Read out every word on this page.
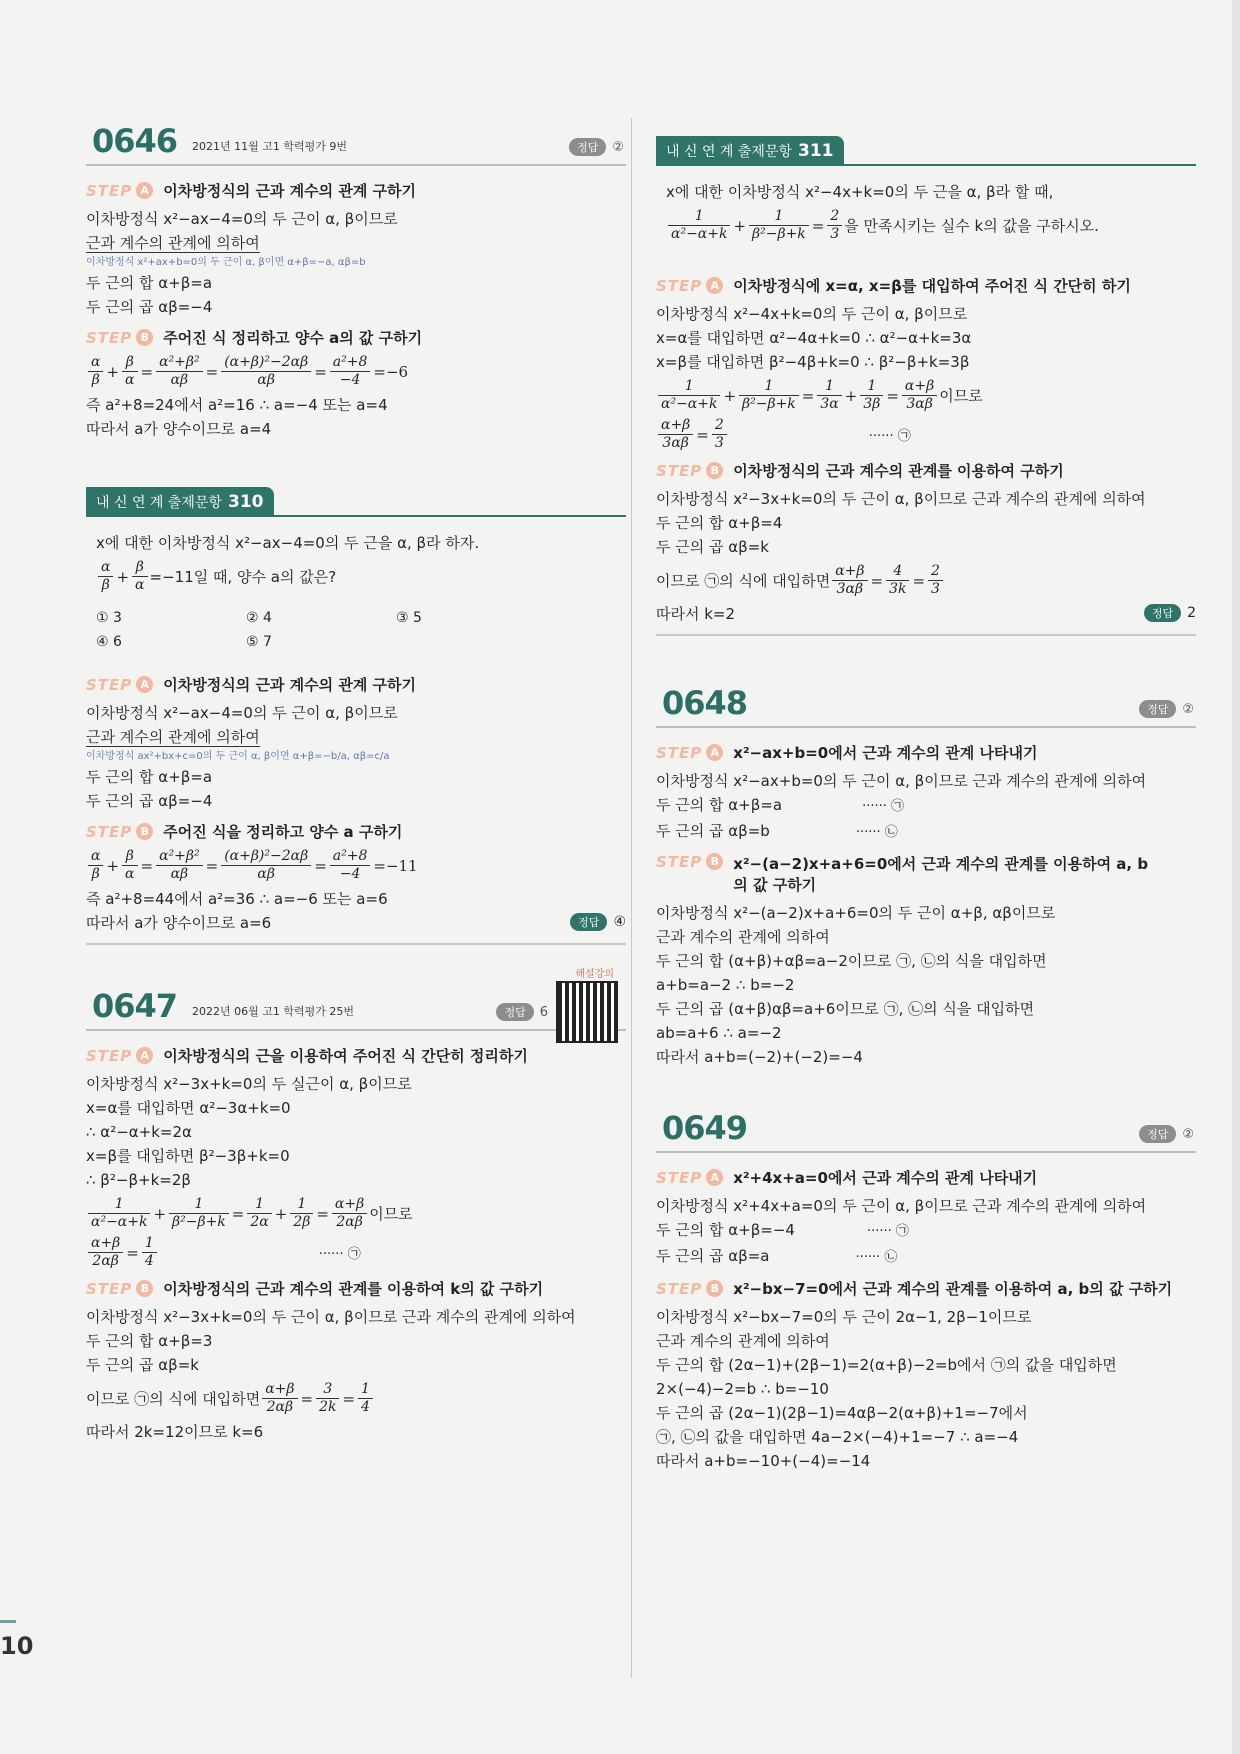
10
0646 2021년 11월 고1 학력평가 9번	정답 ②
STEP A 이차방정식의 근과 계수의 관계 구하기

이차방정식 x²−ax−4=0의 두 근이 α, β이므로

근과 계수의 관계에 의하여

이차방정식 x²+ax+b=0의 두 근이 α, β이면 α+β=−a, αβ=b

두 근의 합 α+β=a

두 근의 곱 αβ=−4

STEP B 주어진 식 정리하고 양수 a의 값 구하기
$\frac{\alpha}{\beta} + \frac{\beta}{\alpha} = \frac{\text{α²+β²}}{\alpha\beta} = \frac{\text{(α+β)²−2αβ}}{\alpha\beta} = \frac{\text{a²+8}}{-4} =-6$

즉 a²+8=24에서 a²=16 ∴ a=−4 또는 a=4

따라서 a가 양수이므로 a=4

내 신 연 계 출제문항 310

x에 대한 이차방정식 x²−ax−4=0의 두 근을 α, β라 하자.

$\frac{\alpha}{\beta} + \frac{\beta}{\alpha} =-11$일 때, 양수 a의 값은?
① 3	② 4	③ 5
④ 6	⑤ 7
STEP A 이차방정식의 근과 계수의 관계 구하기

이차방정식 x²−ax−4=0의 두 근이 α, β이므로

근과 계수의 관계에 의하여

이차방정식 ax²+bx+c=0의 두 근이 α, β이면 α+β=−b/a, αβ=c/a

두 근의 합 α+β=a

두 근의 곱 αβ=−4

STEP B 주어진 식을 정리하고 양수 a 구하기
$\frac{\alpha}{\beta} + \frac{\beta}{\alpha} = \frac{\text{α²+β²}}{\alpha\beta} = \frac{\text{(α+β)²−2αβ}}{\alpha\beta} = \frac{\text{a²+8}}{-4} =-11$

즉 a²+8=44에서 a²=36 ∴ a=−6 또는 a=6

따라서 a가 양수이므로 a=6	정답 ④
0647 2022년 06월 고1 학력평가 25번	정답 6
해설강의
STEP A 이차방정식의 근을 이용하여 주어진 식 간단히 정리하기

이차방정식 x²−3x+k=0의 두 실근이 α, β이므로

x=α를 대입하면 α²−3α+k=0

∴ α²−α+k=2α

x=β를 대입하면 β²−3β+k=0

∴ β²−β+k=2β

$\frac{1}{\text{α²−α+k}} + \frac{1}{\text{β²−β+k}} = \frac{1}{2\alpha} + \frac{1}{2\beta} = \frac{\alpha+\beta}{2\alpha\beta}$ 이므로
$\frac{\alpha+\beta}{2\alpha\beta} = \frac{1}{4}$	······ ㉠
STEP B 이차방정식의 근과 계수의 관계를 이용하여 k의 값 구하기

이차방정식 x²−3x+k=0의 두 근이 α, β이므로 근과 계수의 관계에 의하여

두 근의 합 α+β=3

두 근의 곱 αβ=k

이므로 ㉠의 식에 대입하면 $\frac{\alpha+\beta}{2\alpha\beta} = \frac{3}{2k} = \frac{1}{4}$

따라서 2k=12이므로 k=6

내 신 연 계 출제문항 311

x에 대한 이차방정식 x²−4x+k=0의 두 근을 α, β라 할 때,

$\frac{1}{\text{α²−α+k}} + \frac{1}{\text{β²−β+k}} = \frac{2}{3}$ 을 만족시키는 실수 k의 값을 구하시오.
STEP A 이차방정식에 x=α, x=β를 대입하여 주어진 식 간단히 하기

이차방정식 x²−4x+k=0의 두 근이 α, β이므로

x=α를 대입하면 α²−4α+k=0 ∴ α²−α+k=3α

x=β를 대입하면 β²−4β+k=0 ∴ β²−β+k=3β

$\frac{1}{\text{α²−α+k}} + \frac{1}{\text{β²−β+k}} = \frac{1}{3\alpha} + \frac{1}{3\beta} = \frac{\alpha+\beta}{3\alpha\beta}$ 이므로
$\frac{\alpha+\beta}{3\alpha\beta} = \frac{2}{3}$	······ ㉠
STEP B 이차방정식의 근과 계수의 관계를 이용하여 구하기

이차방정식 x²−3x+k=0의 두 근이 α, β이므로 근과 계수의 관계에 의하여

두 근의 합 α+β=4

두 근의 곱 αβ=k

이므로 ㉠의 식에 대입하면 $\frac{\alpha+\beta}{3\alpha\beta} = \frac{4}{3k} = \frac{2}{3}$

따라서 k=2	정답 2
0648	정답 ②
STEP A x²−ax+b=0에서 근과 계수의 관계 나타내기

이차방정식 x²−ax+b=0의 두 근이 α, β이므로 근과 계수의 관계에 의하여

두 근의 합 α+β=a	······ ㉠

두 근의 곱 αβ=b	······ ㉡

STEP B x²−(a−2)x+a+6=0에서 근과 계수의 관계를 이용하여 a, b
의 값 구하기

이차방정식 x²−(a−2)x+a+6=0의 두 근이 α+β, αβ이므로

근과 계수의 관계에 의하여

두 근의 합 (α+β)+αβ=a−2이므로 ㉠, ㉡의 식을 대입하면

a+b=a−2 ∴ b=−2

두 근의 곱 (α+β)αβ=a+6이므로 ㉠, ㉡의 식을 대입하면

ab=a+6 ∴ a=−2

따라서 a+b=(−2)+(−2)=−4

0649	정답 ②
STEP A x²+4x+a=0에서 근과 계수의 관계 나타내기

이차방정식 x²+4x+a=0의 두 근이 α, β이므로 근과 계수의 관계에 의하여

두 근의 합 α+β=−4	······ ㉠

두 근의 곱 αβ=a	······ ㉡

STEP B x²−bx−7=0에서 근과 계수의 관계를 이용하여 a, b의 값 구하기

이차방정식 x²−bx−7=0의 두 근이 2α−1, 2β−1이므로

근과 계수의 관계에 의하여

두 근의 합 (2α−1)+(2β−1)=2(α+β)−2=b에서 ㉠의 값을 대입하면

2×(−4)−2=b ∴ b=−10

두 근의 곱 (2α−1)(2β−1)=4αβ−2(α+β)+1=−7에서

㉠, ㉡의 값을 대입하면 4a−2×(−4)+1=−7 ∴ a=−4

따라서 a+b=−10+(−4)=−14
